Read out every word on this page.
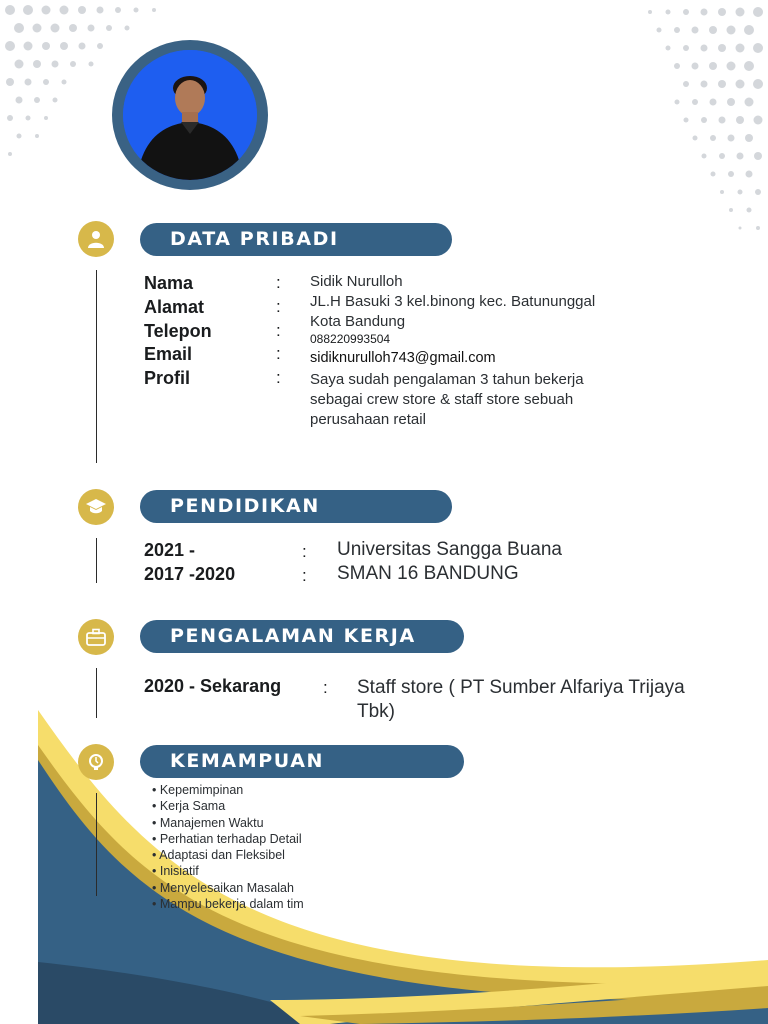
DATA PRIBADI
Nama
Alamat
Telepon
Email
Profil
:
:
:
:
:
Sidik Nurulloh
JL.H Basuki 3 kel.binong kec. Batununggal
Kota Bandung
088220993504
sidiknurulloh743@gmail.com
Saya sudah pengalaman 3 tahun bekerja sebagai crew store & staff store sebuah perusahaan retail
PENDIDIKAN
2021 -
2017 -2020
:
:
Universitas Sangga Buana
SMAN 16 BANDUNG
PENGALAMAN KERJA
2020 - Sekarang : Staff store ( PT Sumber Alfariya Trijaya Tbk)
KEMAMPUAN
• Kepemimpinan
• Kerja Sama
• Manajemen Waktu
• Perhatian terhadap Detail
• Adaptasi dan Fleksibel
• Inisiatif
• Menyelesaikan Masalah
• Mampu bekerja dalam tim
